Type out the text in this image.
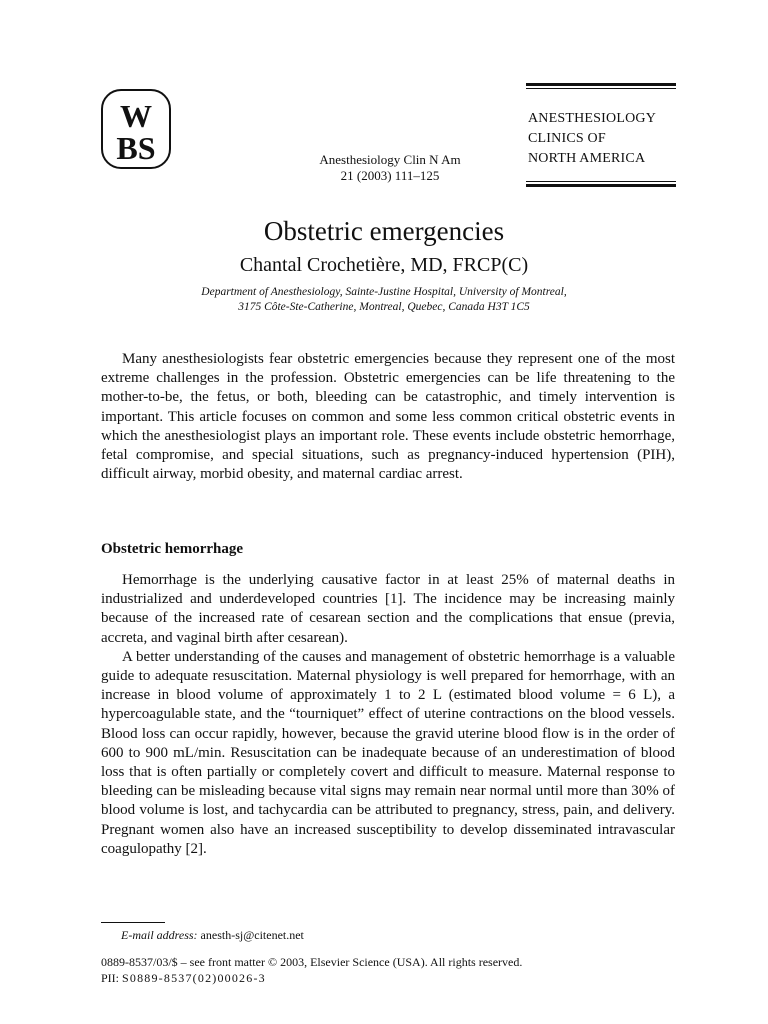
W
BS	Anesthesiology Clin N Am
21 (2003) 111–125
ANESTHESIOLOGY
CLINICS OF
NORTH AMERICA
Obstetric emergencies
Chantal Crochetière, MD, FRCP(C)
Department of Anesthesiology, Sainte-Justine Hospital, University of Montreal,
3175 Côte-Ste-Catherine, Montreal, Quebec, Canada H3T 1C5

Many anesthesiologists fear obstetric emergencies because they represent one of the most extreme challenges in the profession. Obstetric emergencies can be life threatening to the mother-to-be, the fetus, or both, bleeding can be catastrophic, and timely intervention is important. This article focuses on common and some less common critical obstetric events in which the anesthesiologist plays an important role. These events include obstetric hemorrhage, fetal compromise, and special situations, such as pregnancy-induced hypertension (PIH), difficult airway, morbid obesity, and maternal cardiac arrest.

Obstetric hemorrhage

Hemorrhage is the underlying causative factor in at least 25% of maternal deaths in industrialized and underdeveloped countries [1]. The incidence may be increasing mainly because of the increased rate of cesarean section and the complications that ensue (previa, accreta, and vaginal birth after cesarean).

A better understanding of the causes and management of obstetric hemorrhage is a valuable guide to adequate resuscitation. Maternal physiology is well prepared for hemorrhage, with an increase in blood volume of approximately 1 to 2 L (estimated blood volume = 6 L), a hypercoagulable state, and the “tourniquet” effect of uterine contractions on the blood vessels. Blood loss can occur rapidly, however, because the gravid uterine blood flow is in the order of 600 to 900 mL/min. Resuscitation can be inadequate because of an underestimation of blood loss that is often partially or completely covert and difficult to measure. Maternal response to bleeding can be misleading because vital signs may remain near normal until more than 30% of blood volume is lost, and tachycardia can be attributed to pregnancy, stress, pain, and delivery. Pregnant women also have an increased susceptibility to develop disseminated intravascular coagulopathy [2].

E-mail address: anesth-sj@citenet.net
0889-8537/03/$ – see front matter © 2003, Elsevier Science (USA). All rights reserved.
PII: S0889-8537(02)00026-3
